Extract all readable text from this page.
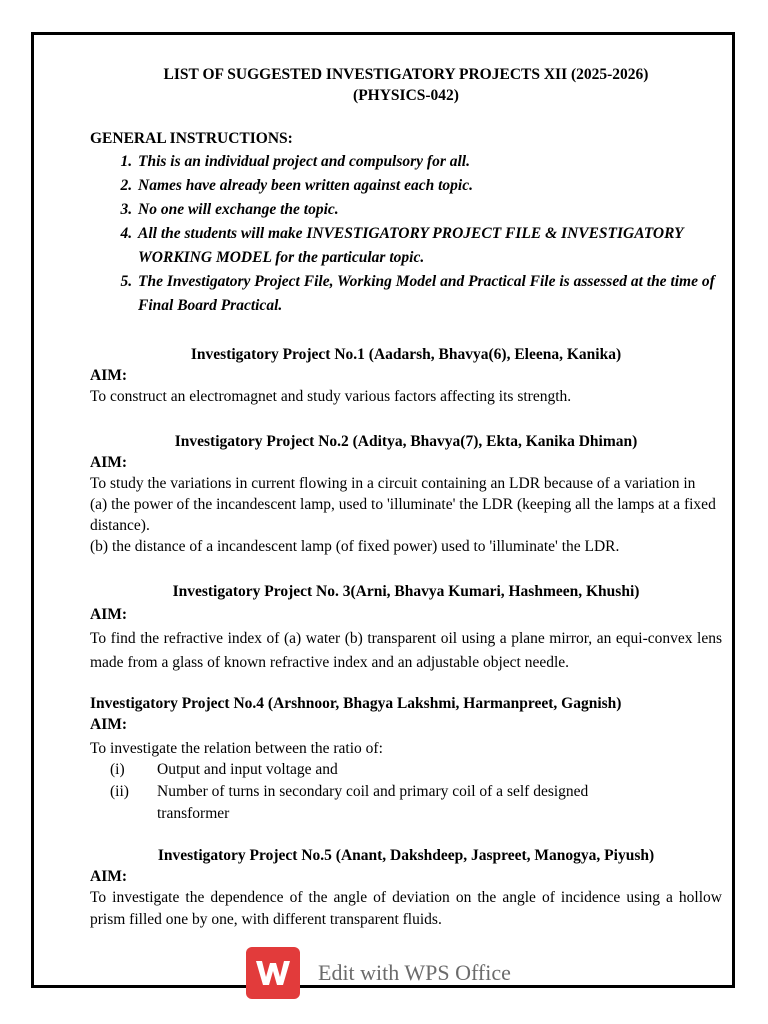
LIST OF SUGGESTED INVESTIGATORY PROJECTS XII (2025-2026)

(PHYSICS-042)

GENERAL INSTRUCTIONS:

1. This is an individual project and compulsory for all.
2. Names have already been written against each topic.
3. No one will exchange the topic.
4. All the students will make INVESTIGATORY PROJECT FILE & INVESTIGATORY WORKING MODEL for the particular topic.
5. The Investigatory Project File, Working Model and Practical File is assessed at the time of Final Board Practical.

Investigatory Project No.1 (Aadarsh, Bhavya(6), Eleena, Kanika)

AIM:

To construct an electromagnet and study various factors affecting its strength.

Investigatory Project No.2 (Aditya, Bhavya(7), Ekta, Kanika Dhiman)

AIM:

To study the variations in current flowing in a circuit containing an LDR because of a variation in

(a) the power of the incandescent lamp, used to 'illuminate' the LDR (keeping all the lamps at a fixed distance).

(b) the distance of a incandescent lamp (of fixed power) used to 'illuminate' the LDR.

Investigatory Project No. 3(Arni, Bhavya Kumari, Hashmeen, Khushi)

AIM:

To find the refractive index of (a) water (b) transparent oil using a plane mirror, an equi-convex lens made from a glass of known refractive index and an adjustable object needle.

Investigatory Project No.4 (Arshnoor, Bhagya Lakshmi, Harmanpreet, Gagnish)

AIM:

To investigate the relation between the ratio of:

(i)	Output and input voltage and
(ii)	Number of turns in secondary coil and primary coil of a self designed transformer

Investigatory Project No.5 (Anant, Dakshdeep, Jaspreet, Manogya, Piyush)

AIM:

To investigate the dependence of the angle of deviation on the angle of incidence using a hollow prism filled one by one, with different transparent fluids.

Edit with WPS Office
